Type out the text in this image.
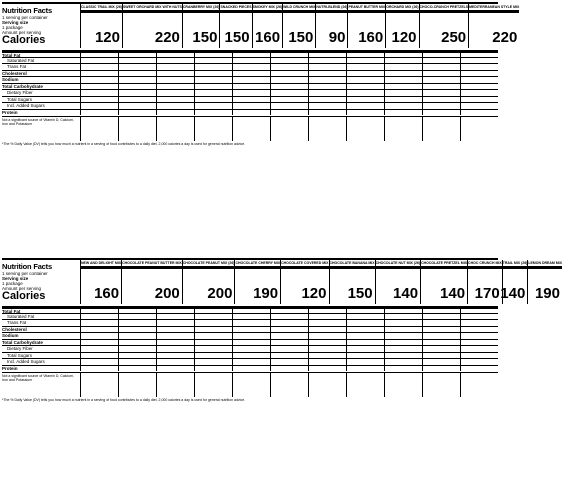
Nutrition Facts
1 serving per container
Serving size
1 package
Amount per serving
Calories
CLASSIC TRAIL MIX (26)
120
SWEET ORCHARD MIX WITH NUTS
220
CRANBERRY MIX (26)
150
SNACKED PIECES
150
SMOKEY MIX (26)
160
WILD CRUNCH MIX
150
NUTRI-BLEND (26)
90
PEANUT BUTTER MIX
160
ORCHARD MIX (26)
120
CHOCO-CRUNCH PRETZELS
250
MEDITERRANEAN STYLE MIX
220
Total Fat
Saturated Fat
Trans Fat
Cholesterol
Sodium
Total Carbohydrate
Dietary Fiber
Total Sugars
Incl. Added Sugars
Protein
Not a significant source of Vitamin D, Calcium, Iron and Potassium
*The % Daily Value (DV) tells you how much a nutrient in a serving of food contributes to a daily diet. 2,000 calories a day is used for general nutrition advice.
Nutrition Facts
1 serving per container
Serving size
1 package
Amount per serving
Calories
NEW AND DELIGHT MIX
160
CHOCOLATE PEANUT BUTTER MIX
200
CHOCOLATE PEANUT MIX (26)
200
CHOCOLATE CHERRY MIX
190
CHOCOLATE COVERED MIX
120
CHOCOLATE BANANA MIX
150
CHOCOLATE NUT MIX (26)
140
CHOCOLATE PRETZEL MIX
140
CHOC CRUNCH MIX
170
TRAIL MIX (26)
140
LEMON DREAM MIX
190
Total Fat
Saturated Fat
Trans Fat
Cholesterol
Sodium
Total Carbohydrate
Dietary Fiber
Total Sugars
Incl. Added Sugars
Protein
Not a significant source of Vitamin D, Calcium, Iron and Potassium
*The % Daily Value (DV) tells you how much a nutrient in a serving of food contributes to a daily diet. 2,000 calories a day is used for general nutrition advice.
